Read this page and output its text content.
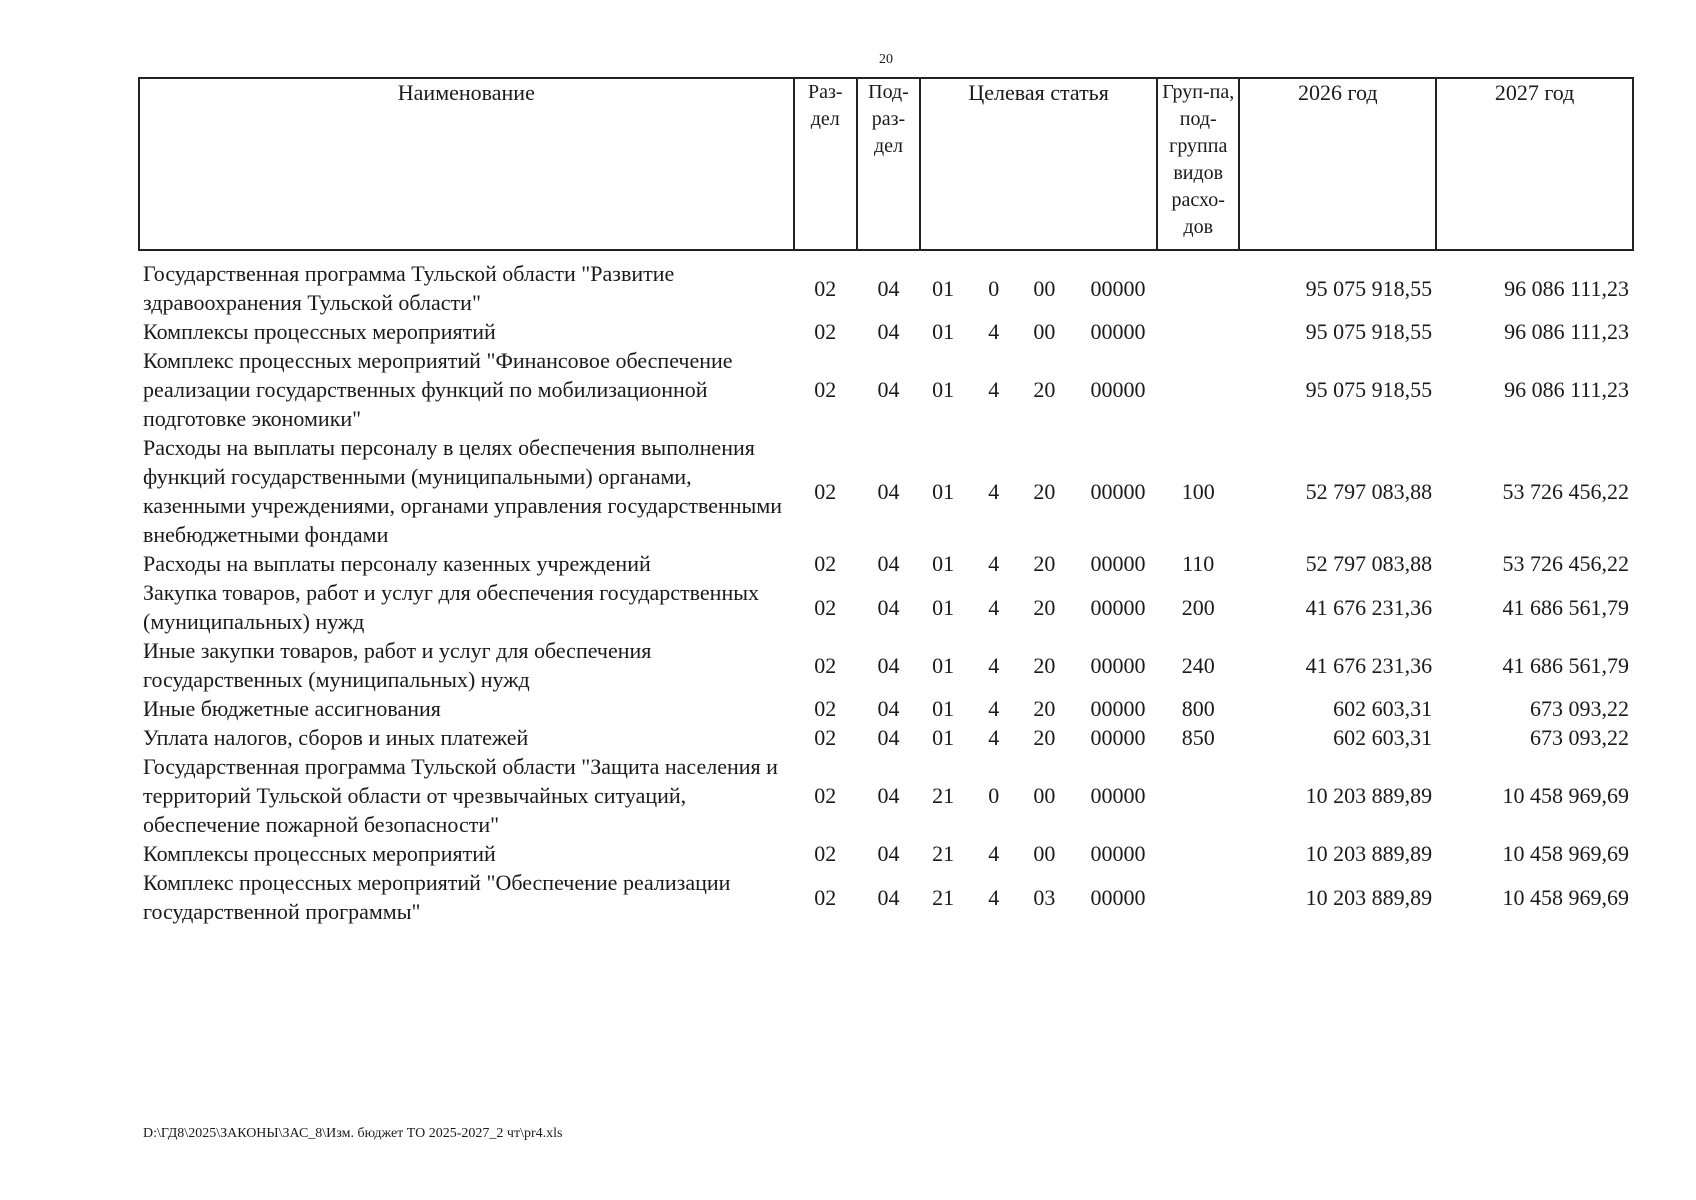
20
Наименование	Раз-дел	Под-раз-дел	Целевая статья	Груп-па, под-группа видов расхо-дов	2026 год	2027 год
Государственная программа Тульской области "Развитие здравоохранения Тульской области"	02	04	01 0 00 00000		95 075 918,55	96 086 111,23
Комплексы процессных мероприятий	02	04	01 4 00 00000		95 075 918,55	96 086 111,23
Комплекс процессных мероприятий "Финансовое обеспечение реализации государственных функций по мобилизационной подготовке экономики"	02	04	01 4 20 00000		95 075 918,55	96 086 111,23
Расходы на выплаты персоналу в целях обеспечения выполнения функций государственными (муниципальными) органами, казенными учреждениями, органами управления государственными внебюджетными фондами	02	04	01 4 20 00000	100	52 797 083,88	53 726 456,22
Расходы на выплаты персоналу казенных учреждений	02	04	01 4 20 00000	110	52 797 083,88	53 726 456,22
Закупка товаров, работ и услуг для обеспечения государственных (муниципальных) нужд	02	04	01 4 20 00000	200	41 676 231,36	41 686 561,79
Иные закупки товаров, работ и услуг для обеспечения государственных (муниципальных) нужд	02	04	01 4 20 00000	240	41 676 231,36	41 686 561,79
Иные бюджетные ассигнования	02	04	01 4 20 00000	800	602 603,31	673 093,22
Уплата налогов, сборов и иных платежей	02	04	01 4 20 00000	850	602 603,31	673 093,22
Государственная программа Тульской области "Защита населения и территорий Тульской области от чрезвычайных ситуаций, обеспечение пожарной безопасности"	02	04	21 0 00 00000		10 203 889,89	10 458 969,69
Комплексы процессных мероприятий	02	04	21 4 00 00000		10 203 889,89	10 458 969,69
Комплекс процессных мероприятий "Обеспечение реализации государственной программы"	02	04	21 4 03 00000		10 203 889,89	10 458 969,69
D:\ГД8\2025\ЗАКОНЫ\ЗАС_8\Изм. бюджет ТО 2025-2027_2 чт\pr4.xls
